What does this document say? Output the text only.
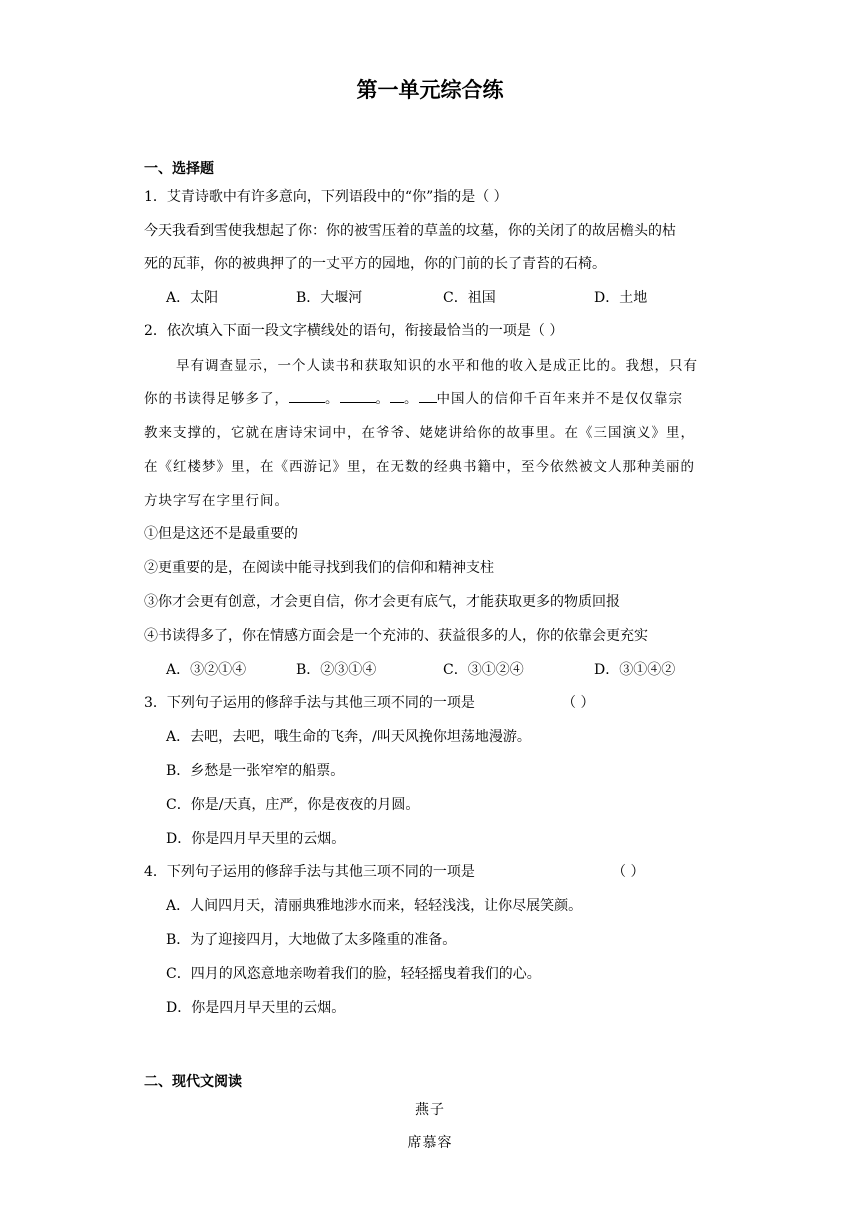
第一单元综合练
一、选择题
1．艾青诗歌中有许多意向，下列语段中的“你”指的是（ ）
今天我看到雪使我想起了你：你的被雪压着的草盖的坟墓，你的关闭了的故居檐头的枯
死的瓦菲，你的被典押了的一丈平方的园地，你的门前的长了青苔的石椅。
A．太阳	B．大堰河	C．祖国	D．土地
2．依次填入下面一段文字横线处的语句，衔接最恰当的一项是（ ）
早有调查显示，一个人读书和获取知识的水平和他的收入是成正比的。我想，只有
你的书读得足够多了，	。	。 。 中国人的信仰千百年来并不是仅仅靠宗
教来支撑的，它就在唐诗宋词中，在爷爷、姥姥讲给你的故事里。在《三国演义》里，
在《红楼梦》里，在《西游记》里，在无数的经典书籍中，至今依然被文人那种美丽的
方块字写在字里行间。
①但是这还不是最重要的
②更重要的是，在阅读中能寻找到我们的信仰和精神支柱
③你才会更有创意，才会更自信，你才会更有底气，才能获取更多的物质回报
④书读得多了，你在情感方面会是一个充沛的、获益很多的人，你的依靠会更充实
A．③②①④	B．②③①④	C．③①②④	D．③①④②
3．下列句子运用的修辞手法与其他三项不同的一项是	（ ）
A．去吧，去吧，哦生命的飞奔，/叫天风挽你坦荡地漫游。
B．乡愁是一张窄窄的船票。
C．你是/天真，庄严，你是夜夜的月圆。
D．你是四月早天里的云烟。
4．下列句子运用的修辞手法与其他三项不同的一项是	（ ）
A．人间四月天，清丽典雅地涉水而来，轻轻浅浅，让你尽展笑颜。
B．为了迎接四月，大地做了太多隆重的准备。
C．四月的风恣意地亲吻着我们的脸，轻轻摇曳着我们的心。
D．你是四月早天里的云烟。
二、现代文阅读
燕子
席慕容
